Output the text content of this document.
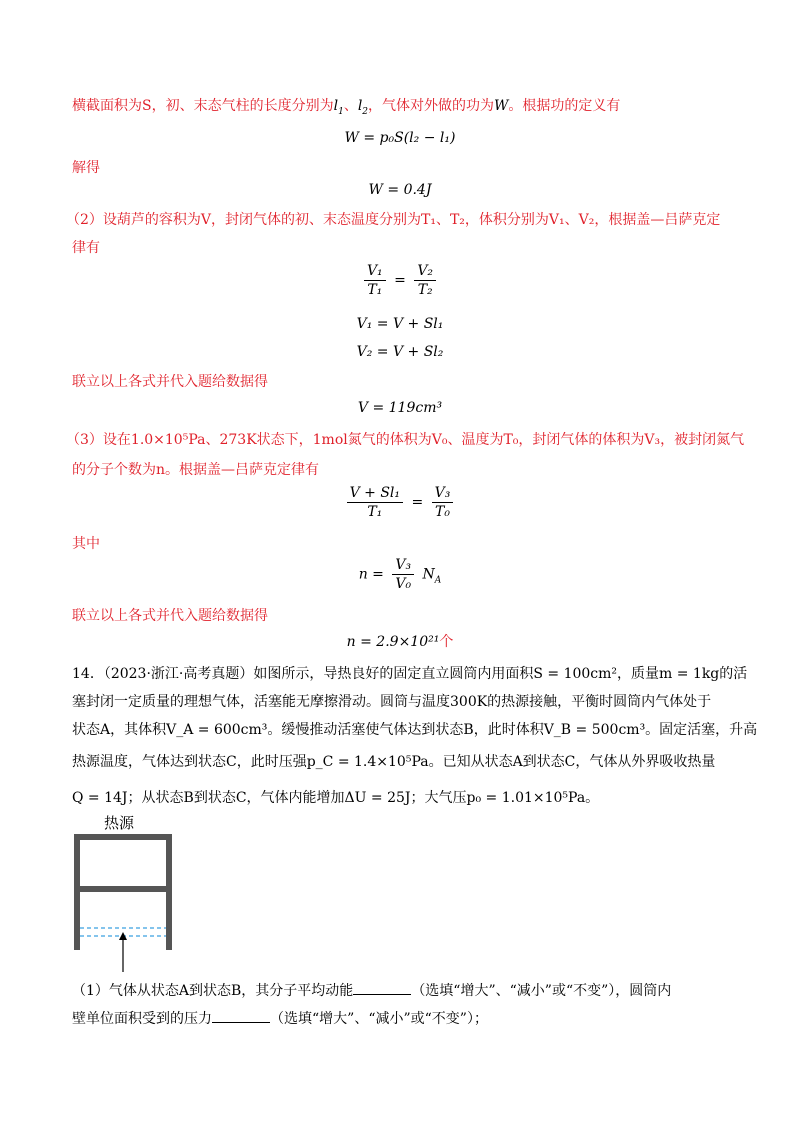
横截面积为S，初、末态气柱的长度分别为$l_1$、$l_2$，气体对外做的功为W。根据功的定义有
W = p₀S(l₂ − l₁)
解得
W = 0.4J
（2）设葫芦的容积为V，封闭气体的初、末态温度分别为T₁、T₂，体积分别为V₁、V₂，根据盖—吕萨克定
律有
$\frac{\text{V₁}}{\text{T₁}} = \frac{\text{V₂}}{\text{T₂}}$
V₁ = V + Sl₁
V₂ = V + Sl₂
联立以上各式并代入题给数据得
V = 119cm³
（3）设在1.0×10⁵Pa、273K状态下，1mol氮气的体积为V₀、温度为T₀，封闭气体的体积为V₃，被封闭氮气
的分子个数为n。根据盖—吕萨克定律有
$\frac{\text{V + Sl₁}}{\text{T₁}} = \frac{\text{V₃}}{\text{T₀}}$
其中
$n = \frac{\text{V₃}}{\text{V₀}} N_A$
联立以上各式并代入题给数据得
n = 2.9×10²¹个
14．（2023·浙江·高考真题）如图所示，导热良好的固定直立圆筒内用面积S = 100cm²，质量m = 1kg的活
塞封闭一定质量的理想气体，活塞能无摩擦滑动。圆筒与温度300K的热源接触，平衡时圆筒内气体处于
状态A，其体积V_A = 600cm³。缓慢推动活塞使气体达到状态B，此时体积V_B = 500cm³。固定活塞，升高
热源温度，气体达到状态C，此时压强p_C = 1.4×10⁵Pa。已知从状态A到状态C，气体从外界吸收热量
Q = 14J；从状态B到状态C，气体内能增加ΔU = 25J；大气压p₀ = 1.01×10⁵Pa。
热源
（1）气体从状态A到状态B，其分子平均动能	（选填“增大”、“减小”或“不变”），圆筒内
壁单位面积受到的压力	（选填“增大”、“减小”或“不变”）；
